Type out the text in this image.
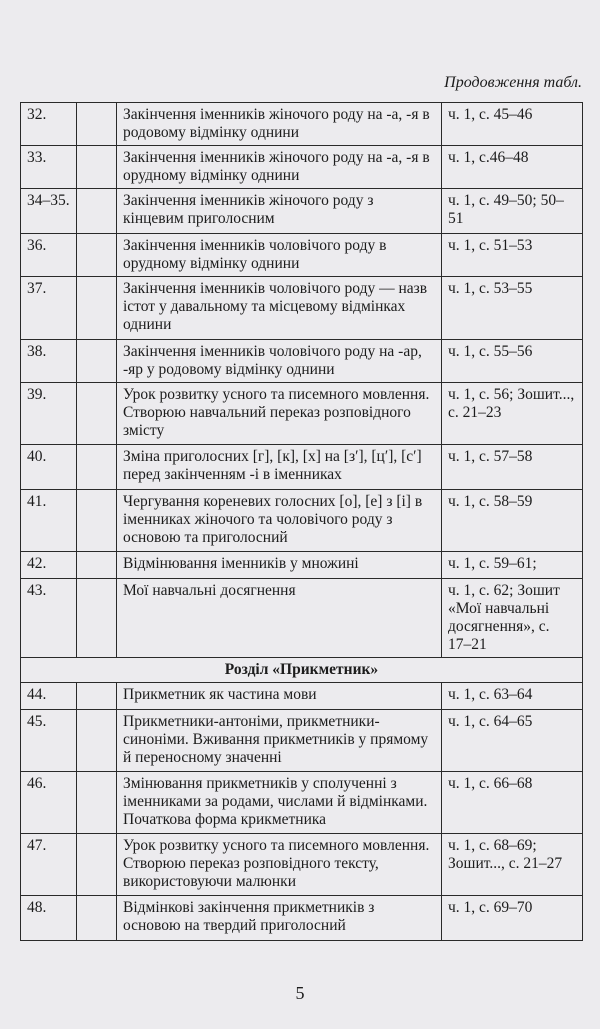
Продовження табл.
32.		Закінчення іменників жіночого роду на -а, -я в родовому відмінку однини	ч. 1, с. 45–46
33.		Закінчення іменників жіночого роду на -а, -я в орудному відмінку однини	ч. 1, с.46–48
34–35.		Закінчення іменників жіночого роду з кінцевим приголосним	ч. 1, с. 49–50; 50–51
36.		Закінчення іменників чоловічого роду в орудному відмінку однини	ч. 1, с. 51–53
37.		Закінчення іменників чоловічого роду — назв істот у давальному та місцевому відмінках однини	ч. 1, с. 53–55
38.		Закінчення іменників чоловічого роду на -ар, -яр у родовому відмінку однини	ч. 1, с. 55–56
39.		Урок розвитку усного та писемного мовлення. Створюю навчальний переказ розповідного змісту	ч. 1, с. 56; Зошит..., с. 21–23
40.		Зміна приголосних [г], [к], [х] на [з′], [ц′], [с′] перед закінченням -і в іменниках	ч. 1, с. 57–58
41.		Чергування кореневих голосних [о], [е] з [і] в іменниках жіночого та чоловічого роду з основою та приголосний	ч. 1, с. 58–59
42.		Відмінювання іменників у множині	ч. 1, с. 59–61;
43.		Мої навчальні досягнення	ч. 1, с. 62; Зошит «Мої навчальні досягнення», с. 17–21
Розділ «Прикметник»			
44.		Прикметник як частина мови	ч. 1, с. 63–64
45.		Прикметники-антоніми, прикметники-синоніми. Вживання прикметників у прямому й переносному значенні	ч. 1, с. 64–65
46.		Змінювання прикметників у сполученні з іменниками за родами, числами й відмінками. Початкова форма крикметника	ч. 1, с. 66–68
47.		Урок розвитку усного та писемного мовлення. Створюю переказ розповідного тексту, використовуючи малюнки	ч. 1, с. 68–69; Зошит..., с. 21–27
48.		Відмінкові закінчення прикметників з основою на твердий приголосний	ч. 1, с. 69–70
5
